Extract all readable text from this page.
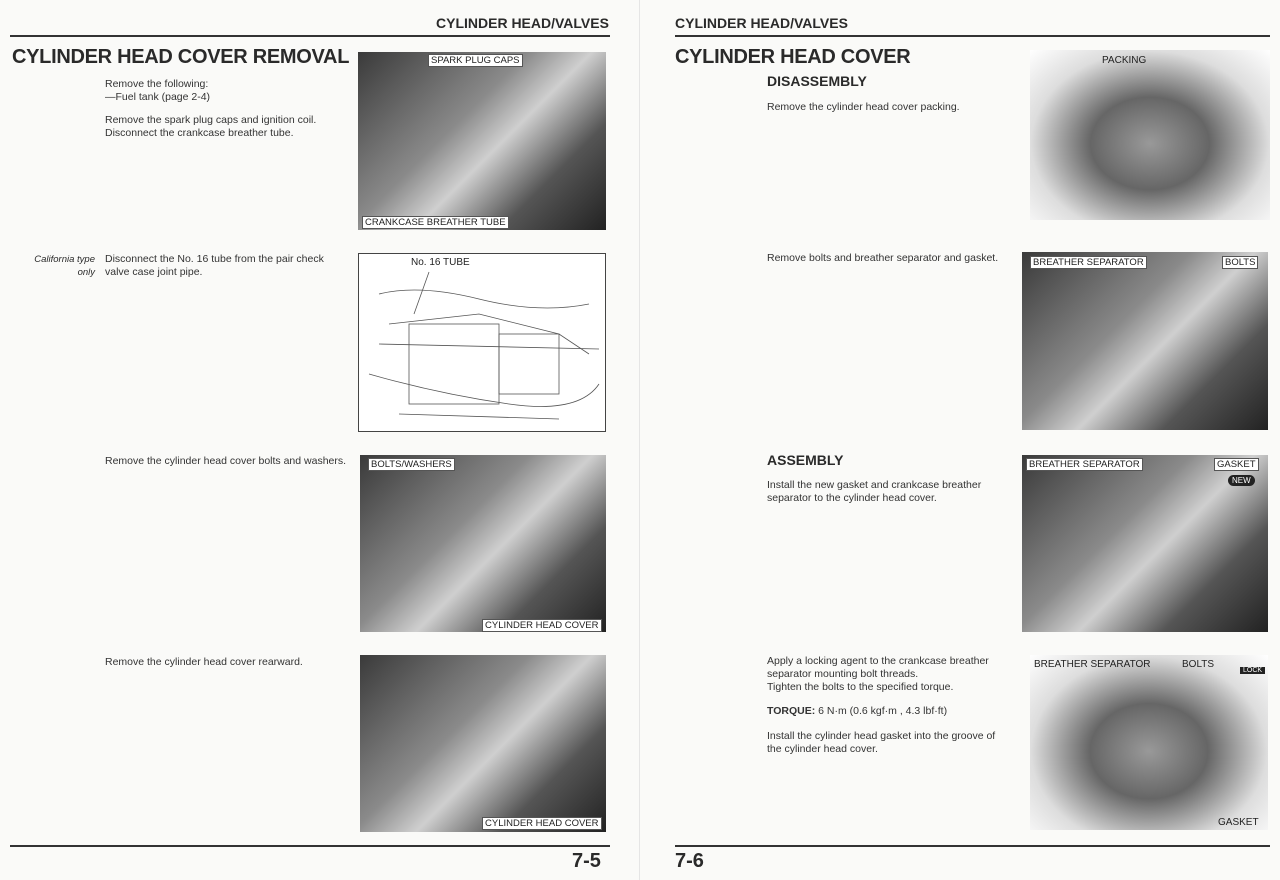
CYLINDER HEAD/VALVES
CYLINDER HEAD COVER REMOVAL
Remove the following:
—Fuel tank (page 2-4)
Remove the spark plug caps and ignition coil.
Disconnect the crankcase breather tube.
California type
only
Disconnect the No. 16 tube from the pair check
valve case joint pipe.
Remove the cylinder head cover bolts and washers.
Remove the cylinder head cover rearward.
SPARK PLUG CAPS
CRANKCASE BREATHER TUBE
No. 16 TUBE
BOLTS/WASHERS
CYLINDER HEAD COVER
CYLINDER HEAD COVER
7-5
CYLINDER HEAD/VALVES
CYLINDER HEAD COVER
DISASSEMBLY
Remove the cylinder head cover packing.
Remove bolts and breather separator and gasket.
ASSEMBLY
Install the new gasket and crankcase breather
separator to the cylinder head cover.
Apply a locking agent to the crankcase breather
separator mounting bolt threads.
Tighten the bolts to the specified torque.
TORQUE: 6 N·m (0.6 kgf·m , 4.3 lbf·ft)
Install the cylinder head gasket into the groove of
the cylinder head cover.
PACKING
BREATHER SEPARATOR	BOLTS
BREATHER SEPARATOR	GASKET
NEW
BREATHER SEPARATOR	BOLTS
LOCK
GASKET
7-6
